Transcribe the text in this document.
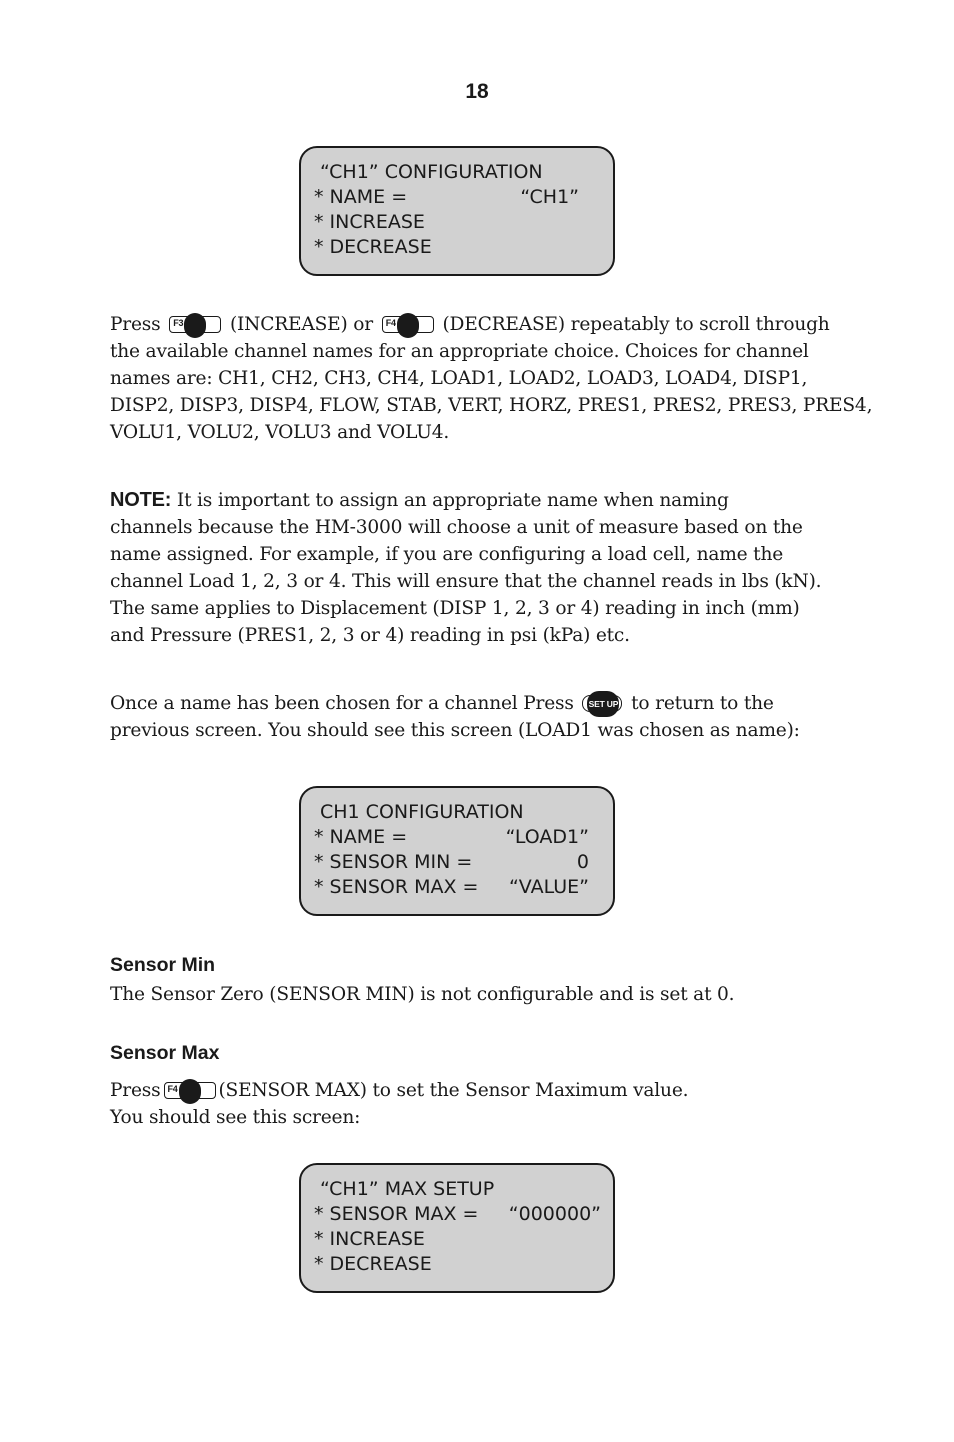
18
“CH1” CONFIGURATION
* NAME =	“CH1”
* INCREASE
* DECREASE
Press F3	(INCREASE) or F4	(DECREASE) repeatably to scroll through
the available channel names for an appropriate choice. Choices for channel
names are: CH1, CH2, CH3, CH4, LOAD1, LOAD2, LOAD3, LOAD4, DISP1,
DISP2, DISP3, DISP4, FLOW, STAB, VERT, HORZ, PRES1, PRES2, PRES3, PRES4,
VOLU1, VOLU2, VOLU3 and VOLU4.
NOTE: It is important to assign an appropriate name when naming
channels because the HM-3000 will choose a unit of measure based on the
name assigned. For example, if you are configuring a load cell, name the
channel Load 1, 2, 3 or 4. This will ensure that the channel reads in lbs (kN).
The same applies to Displacement (DISP 1, 2, 3 or 4) reading in inch (mm)
and Pressure (PRES1, 2, 3 or 4) reading in psi (kPa) etc.
Once a name has been chosen for a channel Press SET UP to return to the
previous screen. You should see this screen (LOAD1 was chosen as name):
CH1 CONFIGURATION
* NAME =	“LOAD1”
* SENSOR MIN =	0
* SENSOR MAX = “VALUE”
Sensor Min
The Sensor Zero (SENSOR MIN) is not configurable and is set at 0.
Sensor Max
Press F4 (SENSOR MAX) to set the Sensor Maximum value.
You should see this screen:
“CH1” MAX SETUP
* SENSOR MAX = “000000”
* INCREASE
* DECREASE
